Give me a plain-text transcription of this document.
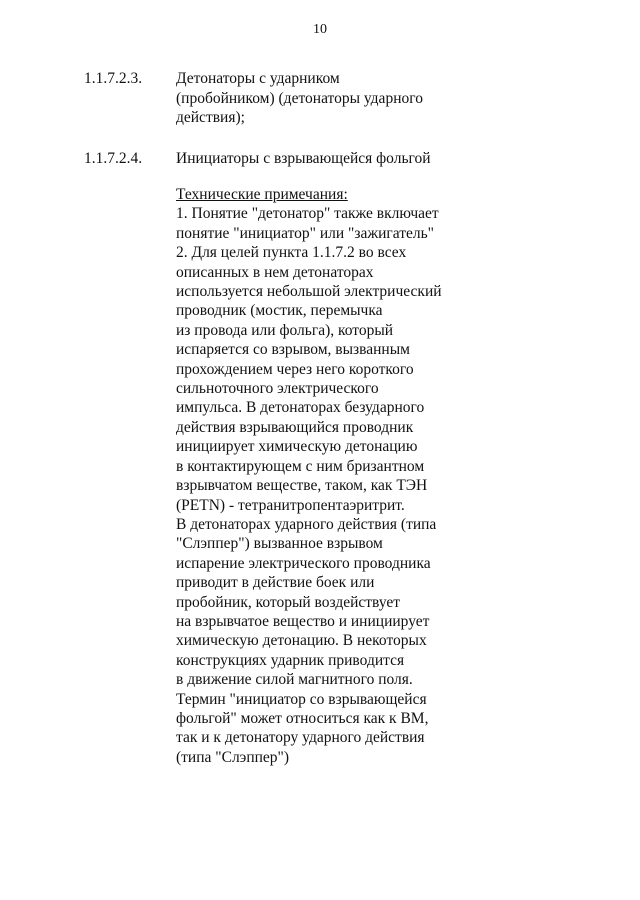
10
1.1.7.2.3.	Детонаторы с ударником
(пробойником) (детонаторы ударного
действия);
1.1.7.2.4.	Инициаторы с взрывающейся фольгой
Технические примечания:
1. Понятие "детонатор" также включает
понятие "инициатор" или "зажигатель"
2. Для целей пункта 1.1.7.2 во всех
описанных в нем детонаторах
используется небольшой электрический
проводник (мостик, перемычка
из провода или фольга), который
испаряется со взрывом, вызванным
прохождением через него короткого
сильноточного электрического
импульса. В детонаторах безударного
действия взрывающийся проводник
инициирует химическую детонацию
в контактирующем с ним бризантном
взрывчатом веществе, таком, как ТЭН
(PETN) - тетранитропентаэритрит.
В детонаторах ударного действия (типа
"Слэппер") вызванное взрывом
испарение электрического проводника
приводит в действие боек или
пробойник, который воздействует
на взрывчатое вещество и инициирует
химическую детонацию. В некоторых
конструкциях ударник приводится
в движение силой магнитного поля.
Термин "инициатор со взрывающейся
фольгой" может относиться как к ВМ,
так и к детонатору ударного действия
(типа "Слэппер")
